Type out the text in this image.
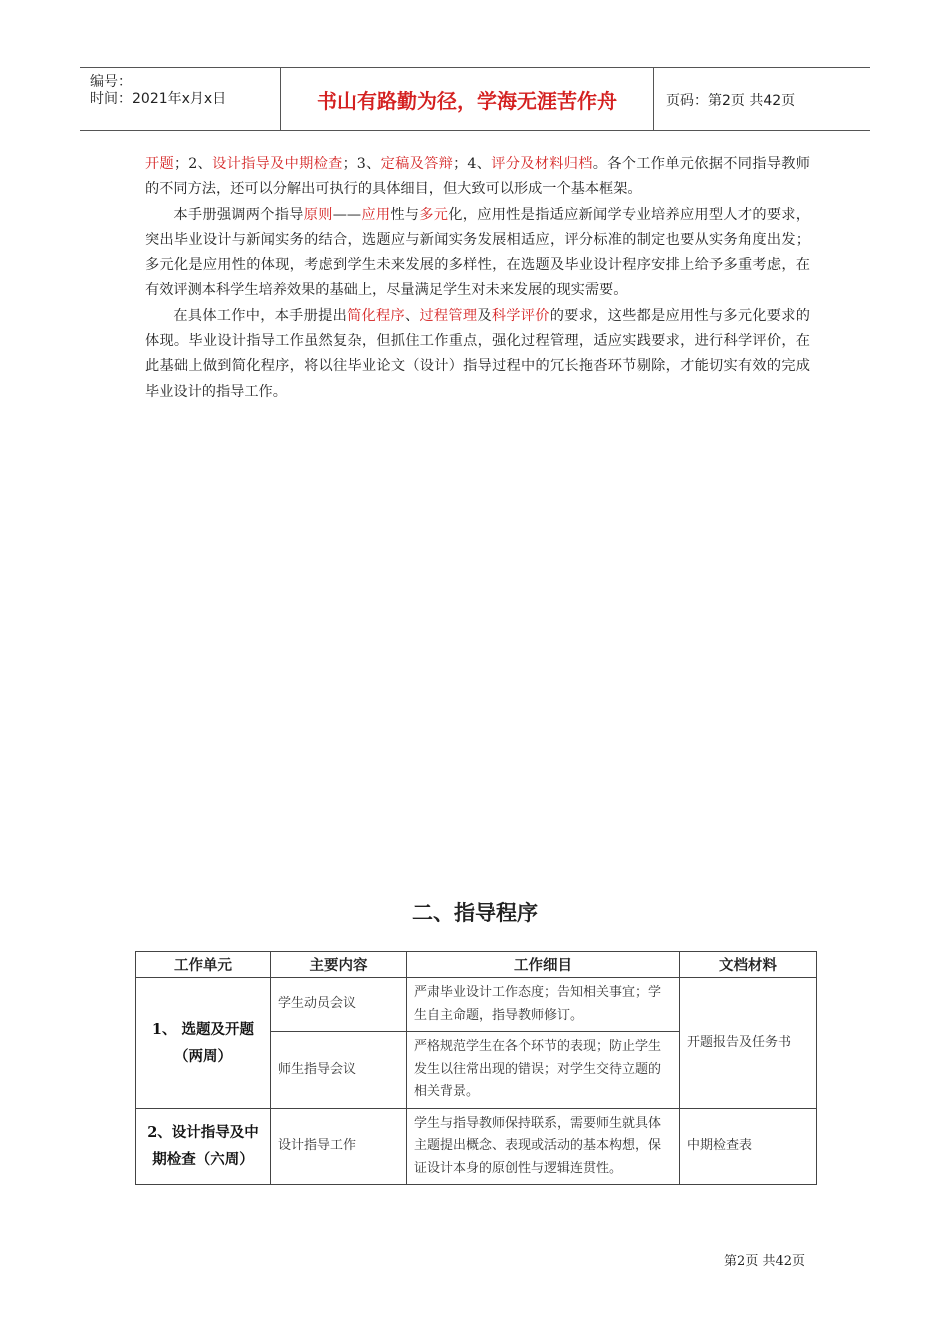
编号：
时间：2021年x月x日	书山有路勤为径，学海无涯苦作舟	页码：第2页 共42页

开题；2、设计指导及中期检查；3、定稿及答辩；4、评分及材料归档。各个工作单元依据不同指导教师的不同方法，还可以分解出可执行的具体细目，但大致可以形成一个基本框架。

本手册强调两个指导原则——应用性与多元化，应用性是指适应新闻学专业培养应用型人才的要求，突出毕业设计与新闻实务的结合，选题应与新闻实务发展相适应，评分标准的制定也要从实务角度出发；多元化是应用性的体现，考虑到学生未来发展的多样性，在选题及毕业设计程序安排上给予多重考虑，在有效评测本科学生培养效果的基础上，尽量满足学生对未来发展的现实需要。

在具体工作中，本手册提出简化程序、过程管理及科学评价的要求，这些都是应用性与多元化要求的体现。毕业设计指导工作虽然复杂，但抓住工作重点，强化过程管理，适应实践要求，进行科学评价，在此基础上做到简化程序，将以往毕业论文（设计）指导过程中的冗长拖沓环节剔除，才能切实有效的完成毕业设计的指导工作。

二、指导程序
工作单元	主要内容	工作细目	文档材料
1、 选题及开题（两周）	学生动员会议	严肃毕业设计工作态度；告知相关事宜；学生自主命题，指导教师修订。	开题报告及任务书
	师生指导会议	严格规范学生在各个环节的表现；防止学生发生以往常出现的错误；对学生交待立题的相关背景。	
2、设计指导及中期检查（六周）	设计指导工作	学生与指导教师保持联系，需要师生就具体主题提出概念、表现或活动的基本构想，保证设计本身的原创性与逻辑连贯性。	中期检查表
第2页 共42页
